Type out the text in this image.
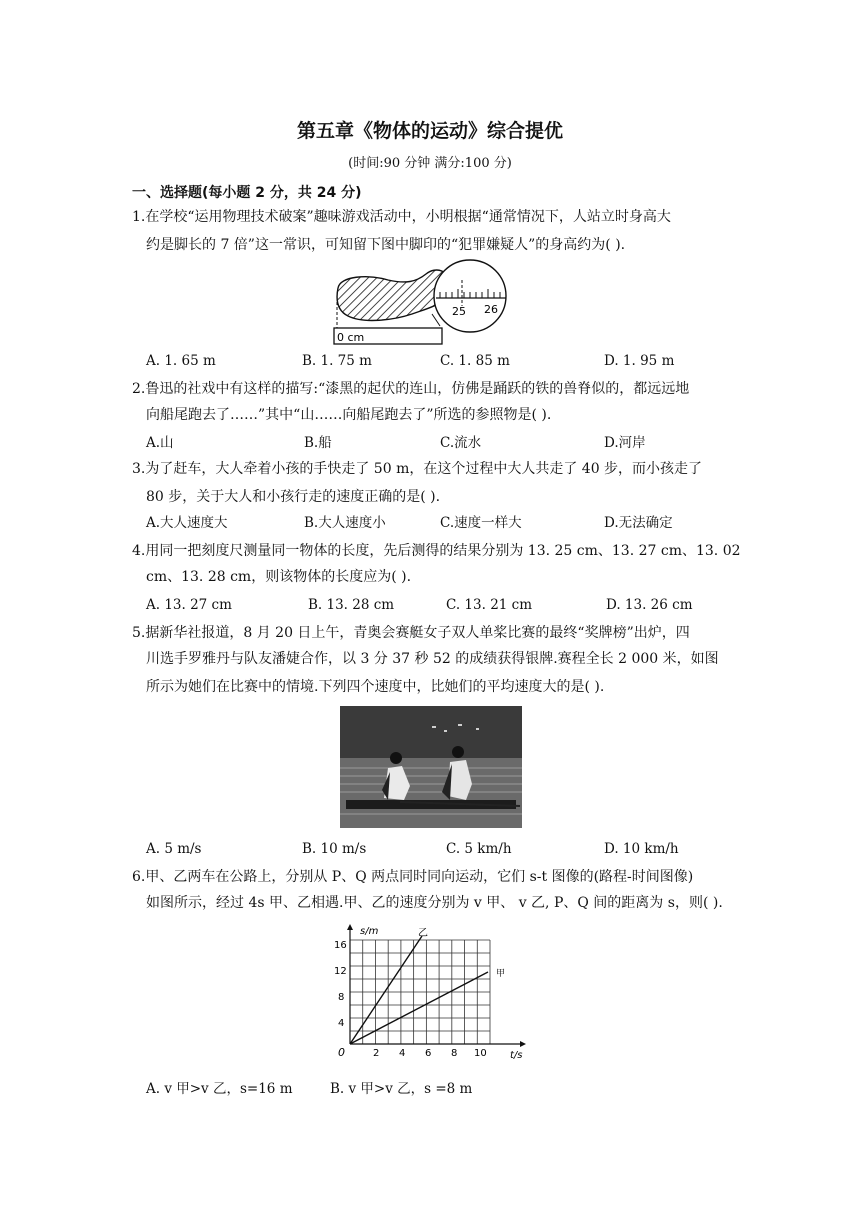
第五章《物体的运动》综合提优
(时间:90 分钟 满分:100 分)
一、选择题(每小题 2 分，共 24 分)
1.在学校“运用物理技术破案”趣味游戏活动中，小明根据“通常情况下，人站立时身高大
约是脚长的 7 倍”这一常识，可知留下图中脚印的“犯罪嫌疑人”的身高约为( ).
25 26
0 cm
A. 1. 65 m	B. 1. 75 m	C. 1. 85 m	D. 1. 95 m
2.鲁迅的社戏中有这样的描写:“漆黑的起伏的连山，仿佛是踊跃的铁的兽脊似的，都远远地
向船尾跑去了……”其中“山……向船尾跑去了”所选的参照物是( ).
A.山	B.船	C.流水	D.河岸
3.为了赶车，大人牵着小孩的手快走了 50 m，在这个过程中大人共走了 40 步，而小孩走了
80 步，关于大人和小孩行走的速度正确的是( ).
A.大人速度大	B.大人速度小	C.速度一样大	D.无法确定
4.用同一把刻度尺测量同一物体的长度，先后测得的结果分别为 13. 25 cm、13. 27 cm、13. 02
cm、13. 28 cm，则该物体的长度应为( ).
A. 13. 27 cm	B. 13. 28 cm	C. 13. 21 cm	D. 13. 26 cm
5.据新华社报道，8 月 20 日上午，青奥会赛艇女子双人单桨比赛的最终“奖牌榜”出炉，四
川选手罗雅丹与队友潘婕合作，以 3 分 37 秒 52 的成绩获得银牌.赛程全长 2 000 米，如图
所示为她们在比赛中的情境.下列四个速度中，比她们的平均速度大的是( ).
A. 5 m/s	B. 10 m/s	C. 5 km/h	D. 10 km/h
6.甲、乙两车在公路上，分别从 P、Q 两点同时同向运动，它们 s-t 图像的(路程-时间图像)
如图所示，经过 4s 甲、乙相遇.甲、乙的速度分别为 v 甲、 v 乙, P、Q 间的距离为 s，则( ).
s/m
t/s
0
4
8
12
16
2 4 6 8 10
乙
甲
A. v 甲>v 乙，s=16 m	B. v 甲>v 乙，s =8 m
